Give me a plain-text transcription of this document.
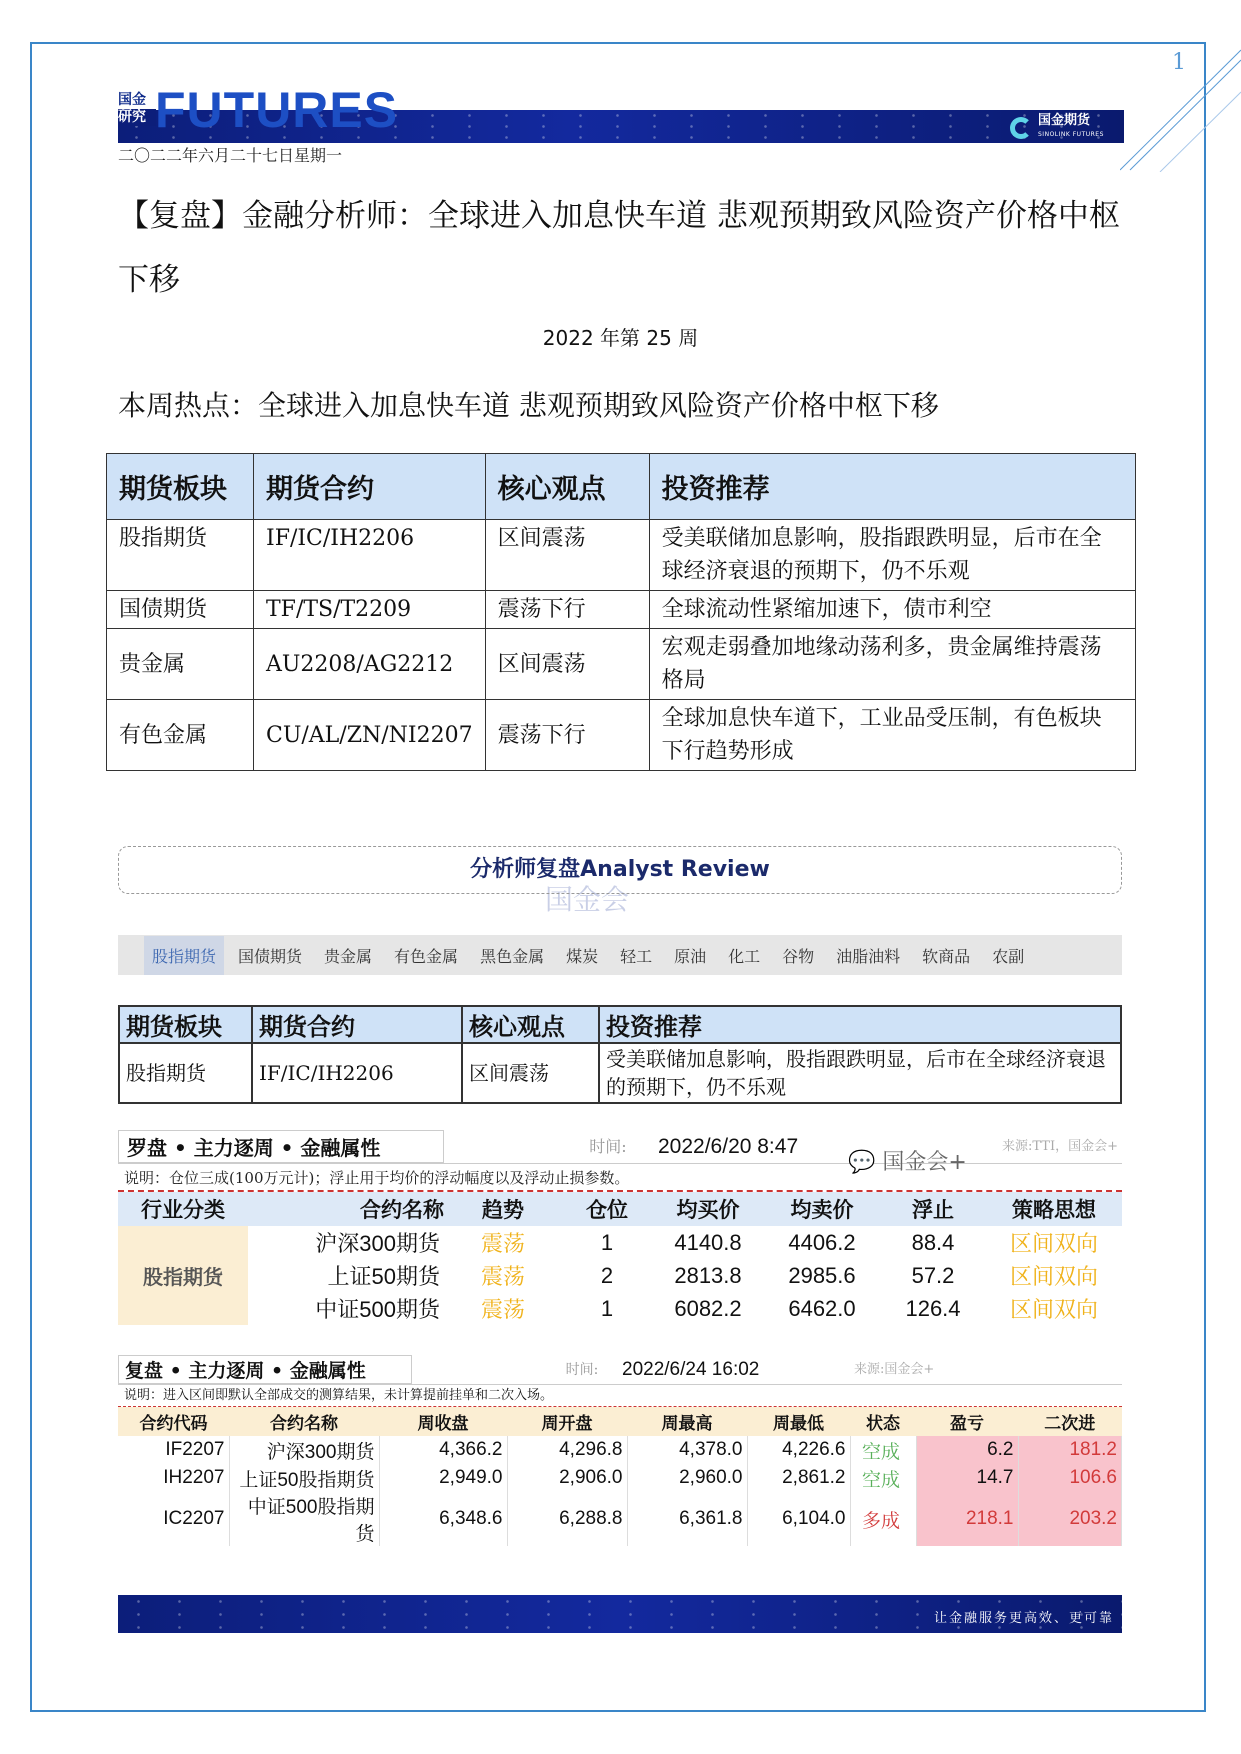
1
国金
研究 FUTURES	国金期货
SINOLINK FUTURES
二〇二二年六月二十七日星期一
【复盘】金融分析师：全球进入加息快车道 悲观预期致风险资产价格中枢下移
2022 年第 25 周
本周热点：全球进入加息快车道 悲观预期致风险资产价格中枢下移
期货板块	期货合约	核心观点	投资推荐
股指期货	IF/IC/IH2206	区间震荡	受美联储加息影响，股指跟跌明显，后市在全球经济衰退的预期下，仍不乐观
国债期货	TF/TS/T2209	震荡下行	全球流动性紧缩加速下，债市利空
贵金属	AU2208/AG2212	区间震荡	宏观走弱叠加地缘动荡利多，贵金属维持震荡格局
有色金属	CU/AL/ZN/NI2207	震荡下行	全球加息快车道下，工业品受压制，有色板块下行趋势形成
国金会
分析师复盘Analyst Review
股指期货	国债期货 贵金属 有色金属 黑色金属 煤炭 轻工 原油 化工 谷物 油脂油料 软商品 农副
期货板块	期货合约	核心观点	投资推荐
股指期货	IF/IC/IH2206	区间震荡	受美联储加息影响，股指跟跌明显，后市在全球经济衰退的预期下，仍不乐观
罗盘 • 主力逐周 • 金融属性	时间:	2022/6/20 8:47	来源:TTI，国金会+
说明：仓位三成(100万元计)；浮止用于均价的浮动幅度以及浮动止损参数。
行业分类	合约名称	趋势	仓位	均买价	均卖价	浮止	策略思想
股指期货	沪深300期货	震荡	1	4140.8	4406.2	88.4	区间双向
	上证50期货	震荡	2	2813.8	2985.6	57.2	区间双向
	中证500期货	震荡	1	6082.2	6462.0	126.4	区间双向
💬 国金会+
复盘 • 主力逐周 • 金融属性	时间:	2022/6/24 16:02	来源:国金会+
说明：进入区间即默认全部成交的测算结果，未计算提前挂单和二次入场。
合约代码	合约名称	周收盘	周开盘	周最高	周最低	状态	盈亏	二次进
IF2207	沪深300期货	4,366.2	4,296.8	4,378.0	4,226.6	空成	6.2	181.2
IH2207	上证50股指期货	2,949.0	2,906.0	2,960.0	2,861.2	空成	14.7	106.6
IC2207	中证500股指期货	6,348.6	6,288.8	6,361.8	6,104.0	多成	218.1	203.2
让金融服务更高效、更可靠
